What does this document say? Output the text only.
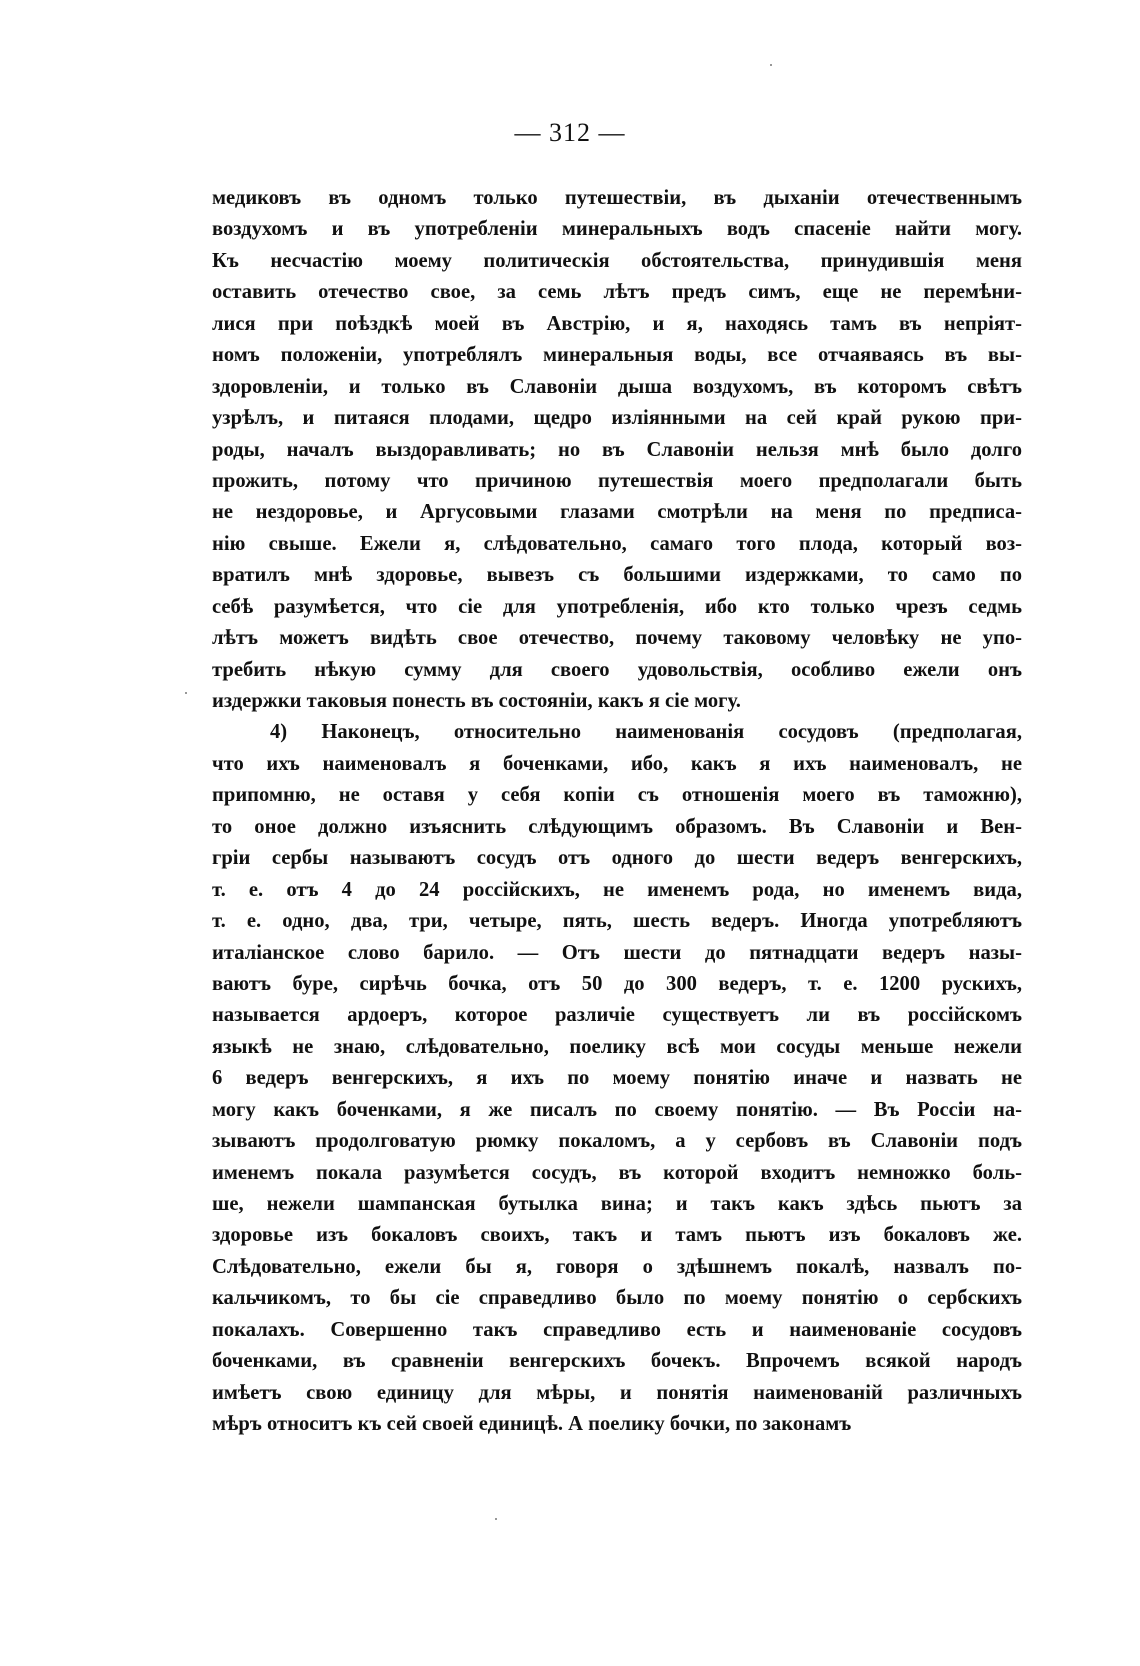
— 312 —
медиковъ въ одномъ только путешествіи, въ дыханіи отечественнымъ
воздухомъ и въ употребленіи минеральныхъ водъ спасеніе найти могу.
Къ несчастію моему политическія обстоятельства, принудившія меня
оставить отечество свое, за семь лѣтъ предъ симъ, еще не перемѣни-
лися при поѣздкѣ моей въ Австрію, и я, находясь тамъ въ непріят-
номъ положеніи, употреблялъ минеральныя воды, все отчаяваясь въ вы-
здоровленіи, и только въ Славоніи дыша воздухомъ, въ которомъ свѣтъ
узрѣлъ, и питаяся плодами, щедро изліянными на сей край рукою при-
роды, началъ выздоравливать; но въ Славоніи нельзя мнѣ было долго
прожить, потому что причиною путешествія моего предполагали быть
не нездоровье, и Аргусовыми глазами смотрѣли на меня по предписа-
нію свыше. Ежели я, слѣдовательно, самаго того плода, который воз-
вратилъ мнѣ здоровье, вывезъ съ большими издержками, то само по
себѣ разумѣется, что сіе для употребленія, ибо кто только чрезъ седмь
лѣтъ можетъ видѣть свое отечество, почему таковому человѣку не упо-
требить нѣкую сумму для своего удовольствія, особливо ежели онъ
издержки таковыя понесть въ состояніи, какъ я сіе могу.
4) Наконецъ, относительно наименованія сосудовъ (предполагая,
что ихъ наименовалъ я боченками, ибо, какъ я ихъ наименовалъ, не
припомню, не оставя у себя копіи съ отношенія моего въ таможню),
то оное должно изъяснить слѣдующимъ образомъ. Въ Славоніи и Вен-
гріи сербы называютъ сосудъ отъ одного до шести ведеръ венгерскихъ,
т. е. отъ 4 до 24 россійскихъ, не именемъ рода, но именемъ вида,
т. е. одно, два, три, четыре, пять, шесть ведеръ. Иногда употребляютъ
италіанское слово барило. — Отъ шести до пятнадцати ведеръ назы-
ваютъ буре, сирѣчь бочка, отъ 50 до 300 ведеръ, т. е. 1200 рускихъ,
называется ардоеръ, которое различіе существуетъ ли въ россійскомъ
языкѣ не знаю, слѣдовательно, поелику всѣ мои сосуды меньше нежели
6 ведеръ венгерскихъ, я ихъ по моему понятію иначе и назвать не
могу какъ боченками, я же писалъ по своему понятію. — Въ Россіи на-
зываютъ продолговатую рюмку покаломъ, а у сербовъ въ Славоніи подъ
именемъ покала разумѣется сосудъ, въ которой входитъ немножко боль-
ше, нежели шампанская бутылка вина; и такъ какъ здѣсь пьютъ за
здоровье изъ бокаловъ своихъ, такъ и тамъ пьютъ изъ бокаловъ же.
Слѣдовательно, ежели бы я, говоря о здѣшнемъ покалѣ, назвалъ по-
кальчикомъ, то бы сіе справедливо было по моему понятію о сербскихъ
покалахъ. Совершенно такъ справедливо есть и наименованіе сосудовъ
боченками, въ сравненіи венгерскихъ бочекъ. Впрочемъ всякой народъ
имѣетъ свою единицу для мѣры, и понятія наименованій различныхъ
мѣръ относитъ къ сей своей единицѣ. А поелику бочки, по законамъ
